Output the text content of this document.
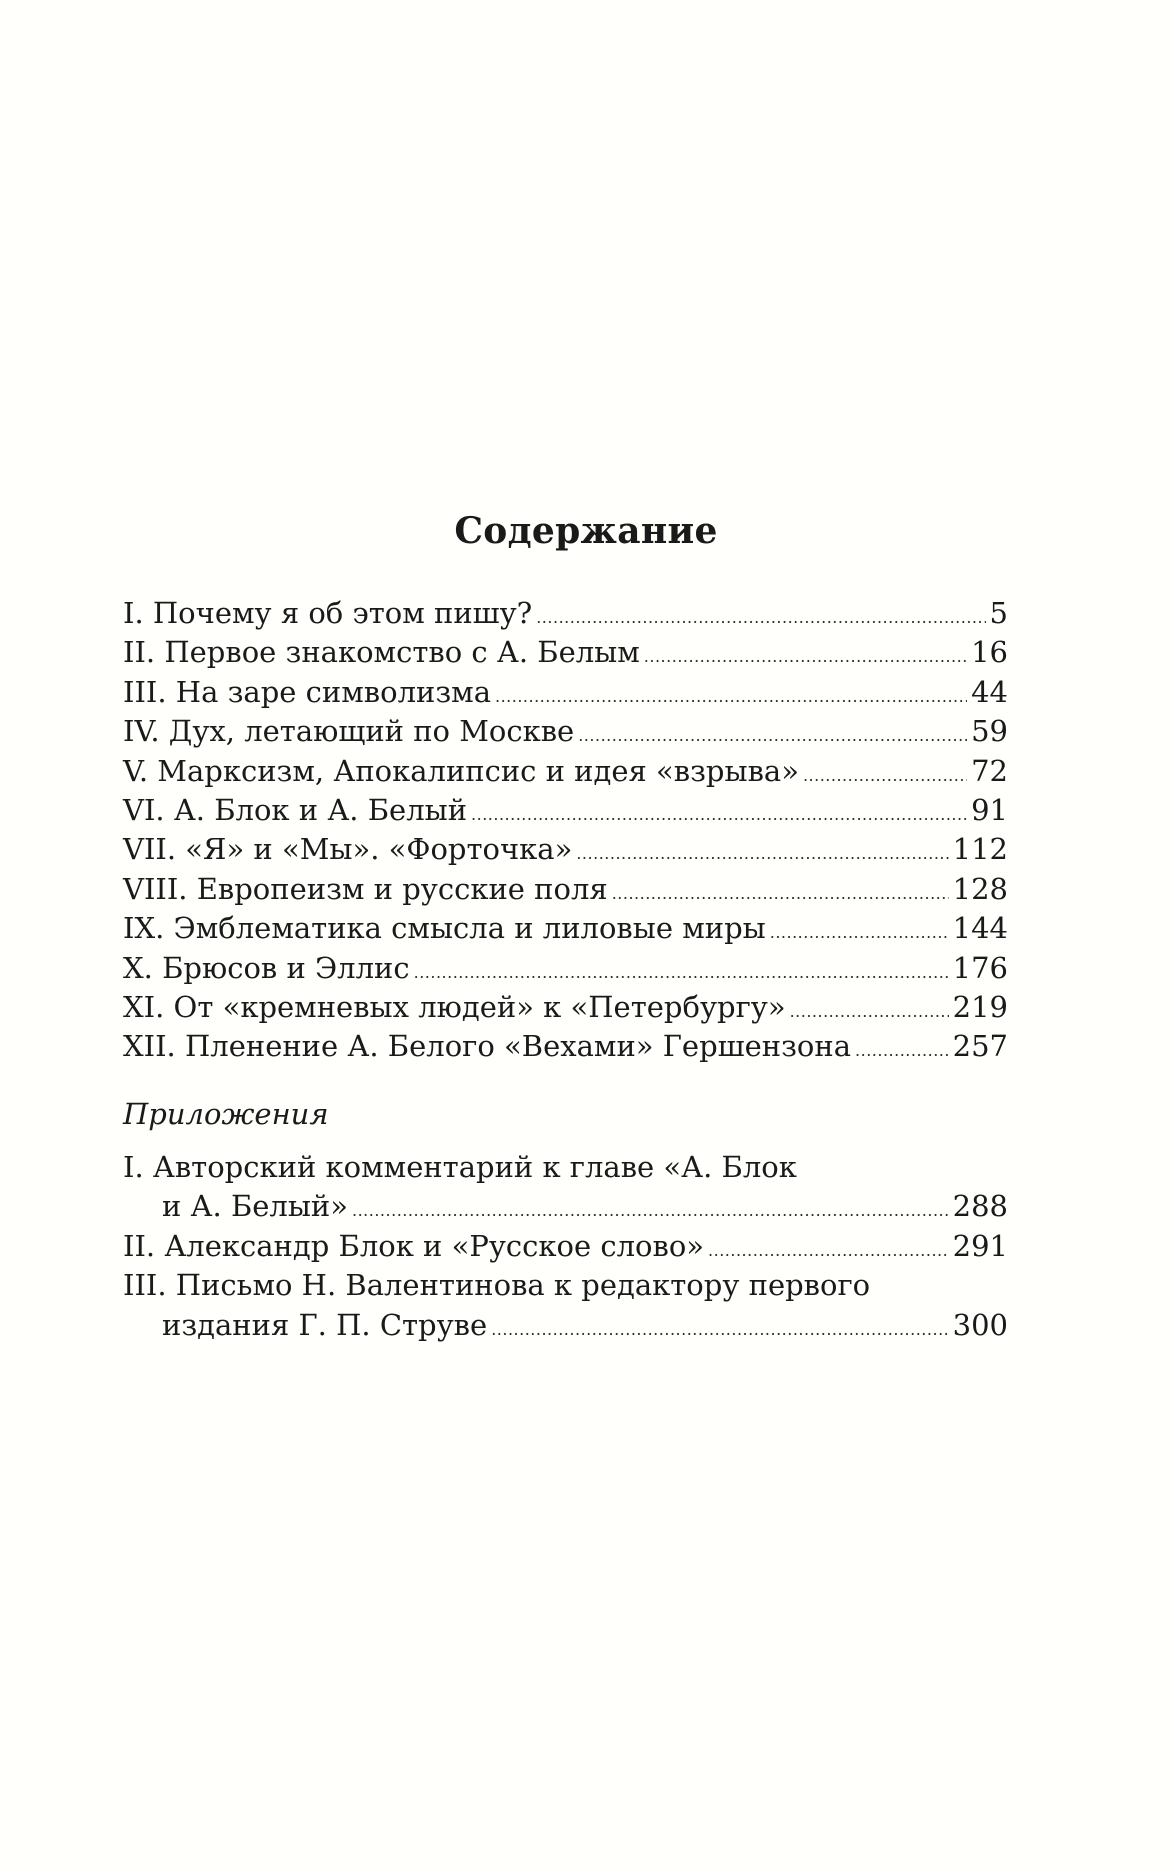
Содержание
I. Почему я об этом пишу? .....	5
II. Первое знакомство с А. Белым .....	16
III. На заре символизма .....	44
IV. Дух, летающий по Москве .....	59
V. Марксизм, Апокалипсис и идея «взрыва» .....	72
VI. А. Блок и А. Белый .....	91
VII. «Я» и «Мы». «Форточка» .....	112
VIII. Европеизм и русские поля .....	128
IX. Эмблематика смысла и лиловые миры .....	144
X. Брюсов и Эллис .....	176
XI. От «кремневых людей» к «Петербургу» .....	219
XII. Пленение А. Белого «Вехами» Гершензона .....	257
Приложения
I. Авторский комментарий к главе «А. Блок
и А. Белый» .....	288
II. Александр Блок и «Русское слово» .....	291
III. Письмо Н. Валентинова к редактору первого
издания Г. П. Струве .....	300
